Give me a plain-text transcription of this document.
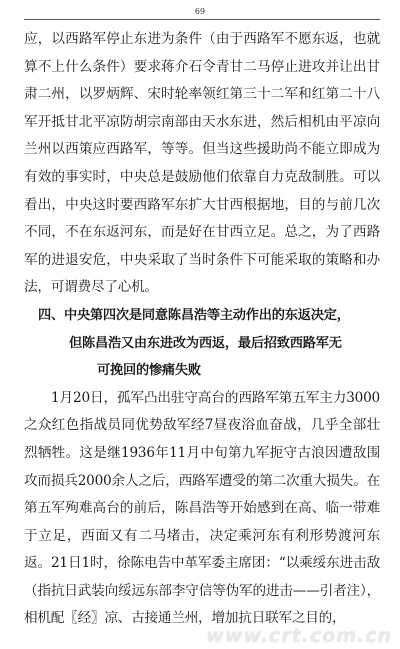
69

应，以西路军停止东进为条件（由于西路军不愿东返，也就算不上什么条件）要求蒋介石令青甘二马停止进攻并让出甘肃二州，以罗炳辉、宋时轮率领红第三十二军和红第二十八军开抵甘北平凉防胡宗南部由天水东进，然后相机由平凉向兰州以西策应西路军，等等。但当这些援助尚不能立即成为有效的事实时，中央总是鼓励他们依靠自力克敌制胜。可以看出，中央这时要西路军东扩大甘西根据地，目的与前几次不同，不在东返河东，而是好在甘西立足。总之，为了西路军的进退安危，中央采取了当时条件下可能采取的策略和办法，可谓费尽了心机。

四、中央第四次是同意陈昌浩等主动作出的东返决定，

但陈昌浩又由东进改为西返，最后招致西路军无

可挽回的惨痛失败

1月20日，孤军凸出驻守高台的西路军第五军主力3000之众红色指战员同优势敌军经7昼夜浴血奋战，几乎全部壮烈牺牲。这是继1936年11月中旬第九军扼守古浪因遭敌围攻而损兵2000余人之后，西路军遭受的第二次重大损失。在第五军殉难高台的前后，陈昌浩等开始感到在高、临一带难于立足，西面又有二马堵击，决定乘河东有利形势渡河东返。21日1时，徐陈电告中革军委主席团：“以乘绥东进击敌（指抗日武装向绥远东部李守信等伪军的进击——引者注），相机配〖经〗凉、古接通兰州，增加抗日联军之目的，

www.crt.com.cn
